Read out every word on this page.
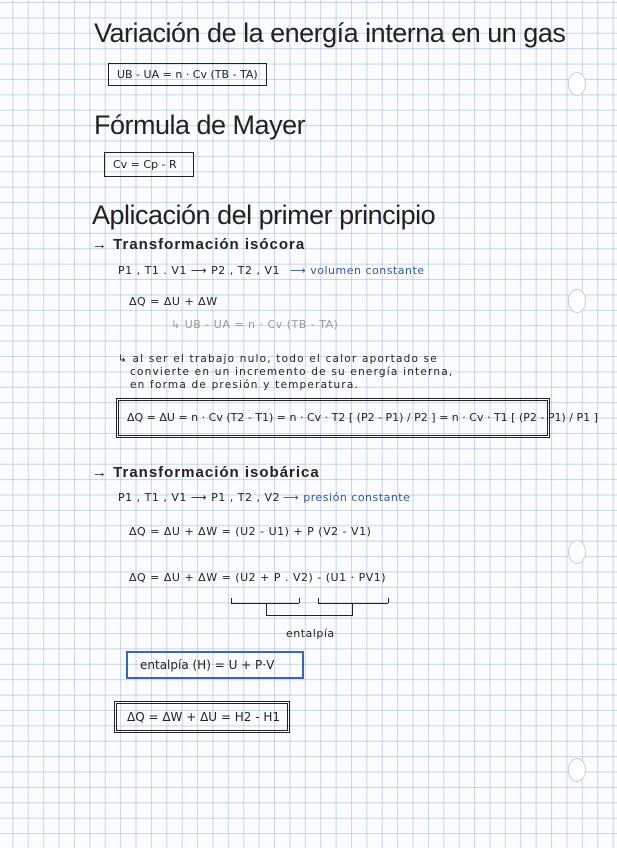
Variación de la energía interna en un gas
UB - UA = n · Cv (TB - TA)
Fórmula de Mayer
Cv = Cp - R
Aplicación del primer principio
→ Transformación isócora
P1 , T1 . V1 ⟶ P2 , T2 , V1 ⟶ volumen constante
ΔQ = ΔU + ΔW
↳ UB - UA = n · Cv (TB - TA)
↳ al ser el trabajo nulo, todo el calor aportado se
convierte en un incremento de su energía interna,
en forma de presión y temperatura.
ΔQ = ΔU = n · Cv (T2 - T1) = n · Cv · T2 [ (P2 - P1) / P2 ] = n · Cv · T1 [ (P2 - P1) / P1 ]
→ Transformación isobárica
P1 , T1 , V1 ⟶ P1 , T2 , V2 ⟶ presión constante
ΔQ = ΔU + ΔW = (U2 - U1) + P (V2 - V1)
ΔQ = ΔU + ΔW = (U2 + P . V2) - (U1 · PV1)
entalpía
entalpía (H) = U + P·V
ΔQ = ΔW + ΔU = H2 - H1
